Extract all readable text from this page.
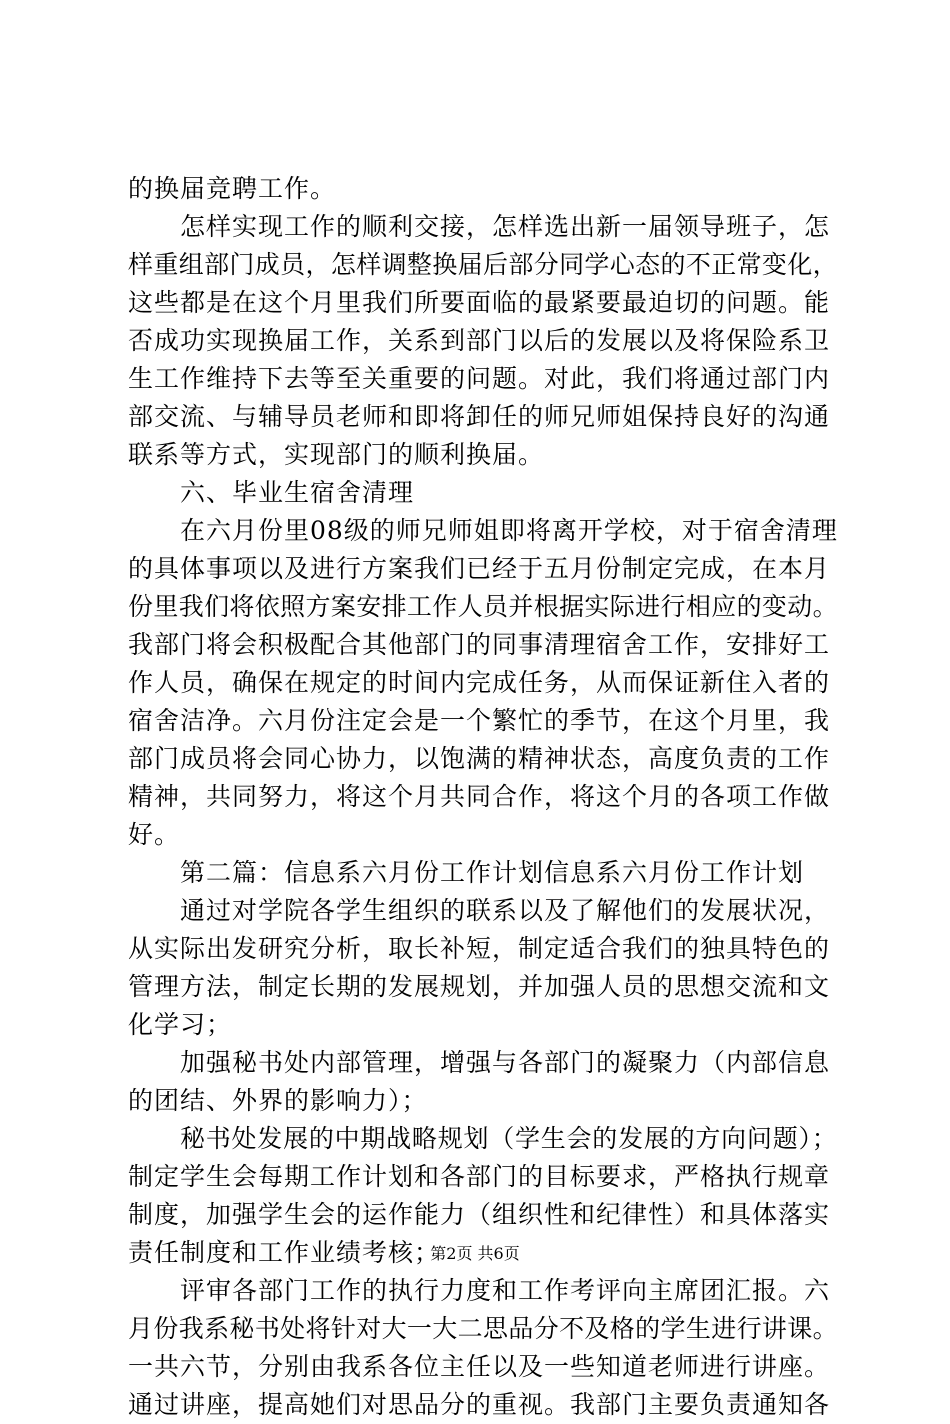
的换届竞聘工作。
怎样实现工作的顺利交接，怎样选出新一届领导班子，怎
样重组部门成员，怎样调整换届后部分同学心态的不正常变化，
这些都是在这个月里我们所要面临的最紧要最迫切的问题。能
否成功实现换届工作，关系到部门以后的发展以及将保险系卫
生工作维持下去等至关重要的问题。对此，我们将通过部门内
部交流、与辅导员老师和即将卸任的师兄师姐保持良好的沟通
联系等方式，实现部门的顺利换届。
六、毕业生宿舍清理
在六月份里08级的师兄师姐即将离开学校，对于宿舍清理
的具体事项以及进行方案我们已经于五月份制定完成，在本月
份里我们将依照方案安排工作人员并根据实际进行相应的变动。
我部门将会积极配合其他部门的同事清理宿舍工作，安排好工
作人员，确保在规定的时间内完成任务，从而保证新住入者的
宿舍洁净。六月份注定会是一个繁忙的季节，在这个月里，我
部门成员将会同心协力，以饱满的精神状态，高度负责的工作
精神，共同努力，将这个月共同合作，将这个月的各项工作做
好。
第二篇：信息系六月份工作计划信息系六月份工作计划
通过对学院各学生组织的联系以及了解他们的发展状况，
从实际出发研究分析，取长补短，制定适合我们的独具特色的
管理方法，制定长期的发展规划，并加强人员的思想交流和文
化学习；
加强秘书处内部管理，增强与各部门的凝聚力（内部信息
的团结、外界的影响力）；
秘书处发展的中期战略规划（学生会的发展的方向问题）；
制定学生会每期工作计划和各部门的目标要求，严格执行规章
制度，加强学生会的运作能力（组织性和纪律性）和具体落实
责任制度和工作业绩考核；
评审各部门工作的执行力度和工作考评向主席团汇报。六
月份我系秘书处将针对大一大二思品分不及格的学生进行讲课。
一共六节，分别由我系各位主任以及一些知道老师进行讲座。
通过讲座，提高她们对思品分的重视。我部门主要负责通知各
第2页 共6页
